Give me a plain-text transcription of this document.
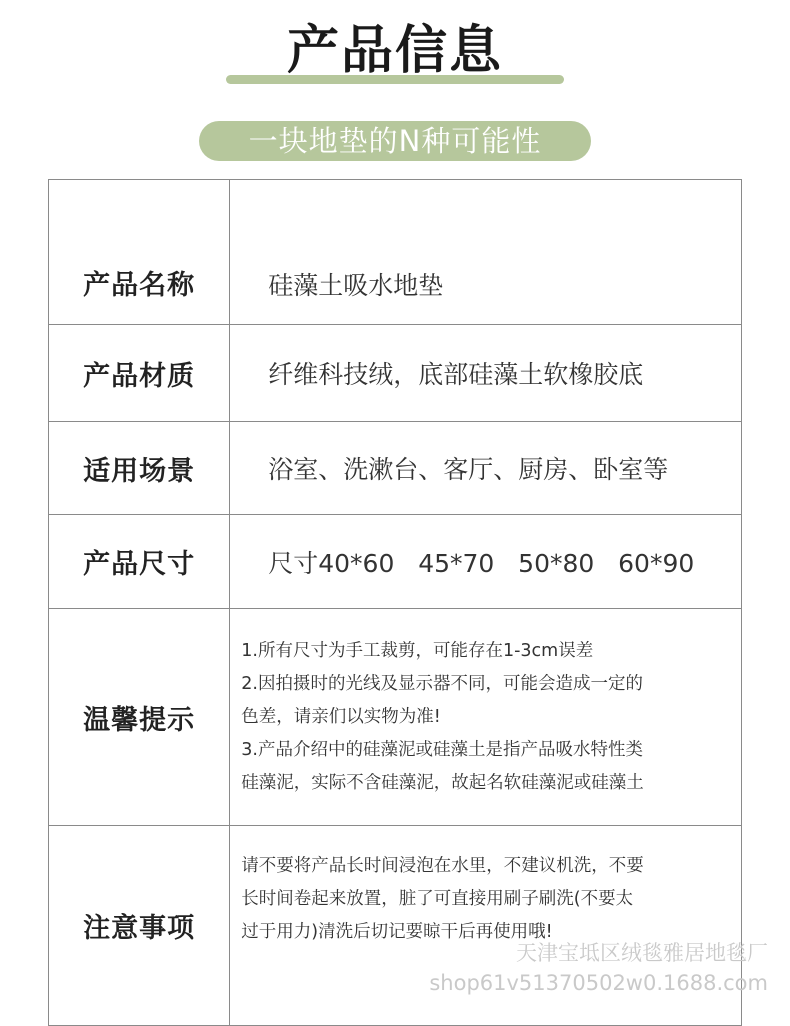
产品信息
一块地垫的N种可能性
产品名称	硅藻土吸水地垫
产品材质	纤维科技绒，底部硅藻土软橡胶底
适用场景	浴室、洗漱台、客厅、厨房、卧室等
产品尺寸	尺寸40*60   45*70   50*80   60*90
温馨提示	1.所有尺寸为手工裁剪，可能存在1-3cm误差
2.因拍摄时的光线及显示器不同，可能会造成一定的
色差，请亲们以实物为准!
3.产品介绍中的硅藻泥或硅藻土是指产品吸水特性类
硅藻泥，实际不含硅藻泥，故起名软硅藻泥或硅藻土

注意事项	请不要将产品长时间浸泡在水里，不建议机洗，不要
长时间卷起来放置，脏了可直接用刷子刷洗(不要太
过于用力)清洗后切记要晾干后再使用哦!
天津宝坻区绒毯雅居地毯厂
shop61v51370502w0.1688.com
